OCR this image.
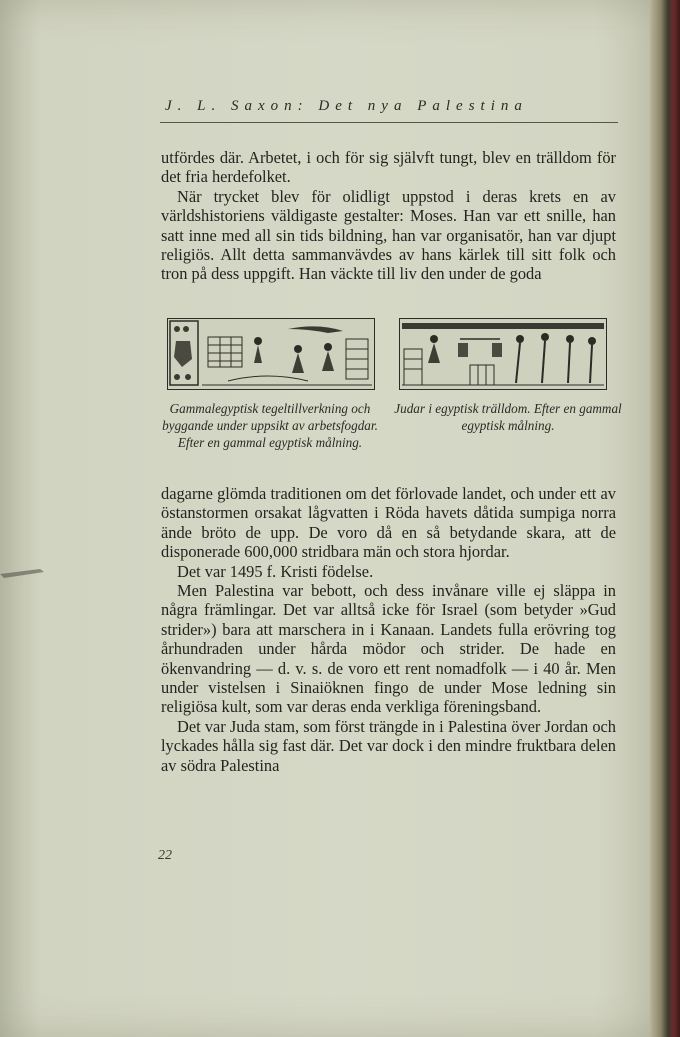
J. L. Saxon: Det nya Palestina

utfördes där. Arbetet, i och för sig självft tungt, blev en trälldom för det fria herdefolket.

När trycket blev för olidligt uppstod i deras krets en av världshistoriens väldigaste gestalter: Moses. Han var ett snille, han satt inne med all sin tids bildning, han var organisatör, han var djupt religiös. Allt detta sammanvävdes av hans kärlek till sitt folk och tron på dess uppgift. Han väckte till liv den under de goda

Gammalegyptisk tegeltillverkning och byggande under uppsikt av arbetsfogdar. Efter en gammal egyptisk målning.
Judar i egyptisk trälldom. Efter en gammal egyptisk målning.

dagarne glömda traditionen om det förlovade landet, och under ett av östanstormen orsakat lågvatten i Röda havets dåtida sumpiga norra ände bröto de upp. De voro då en så betydande skara, att de disponerade 600,000 stridbara män och stora hjordar.

Det var 1495 f. Kristi födelse.

Men Palestina var bebott, och dess invånare ville ej släppa in några främlingar. Det var alltså icke för Israel (som betyder »Gud strider») bara att marschera in i Kanaan. Landets fulla erövring tog århundraden under hårda mödor och strider. De hade en ökenvandring — d. v. s. de voro ett rent nomadfolk — i 40 år. Men under vistelsen i Sinaiöknen fingo de under Mose ledning sin religiösa kult, som var deras enda verkliga föreningsband.

Det var Juda stam, som först trängde in i Palestina över Jordan och lyckades hålla sig fast där. Det var dock i den mindre fruktbara delen av södra Palestina

22
